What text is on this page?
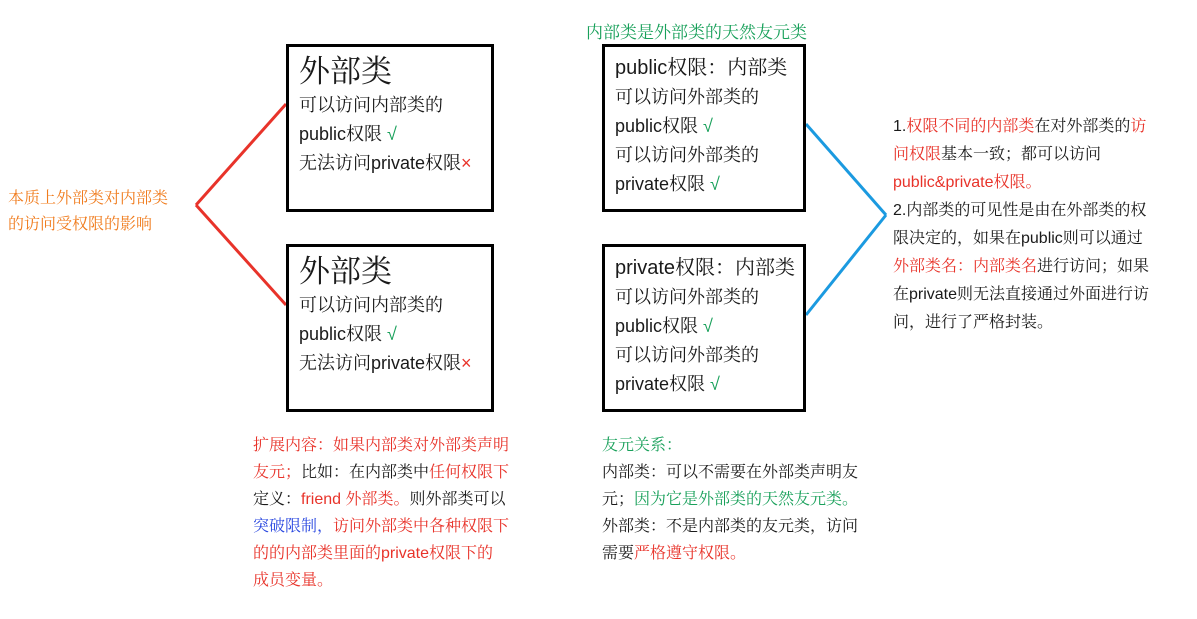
内部类是外部类的天然友元类
本质上外部类对内部类
的访问受权限的影响
外部类
可以访问内部类的
public权限 √
无法访问private权限×
外部类
可以访问内部类的
public权限 √
无法访问private权限×
public权限：内部类
可以访问外部类的
public权限 √
可以访问外部类的
private权限 √
private权限：内部类
可以访问外部类的
public权限 √
可以访问外部类的
private权限 √
扩展内容：如果内部类对外部类声明
友元；比如：在内部类中任何权限下
定义：friend 外部类。则外部类可以
突破限制，访问外部类中各种权限下
的的内部类里面的private权限下的
成员变量。
友元关系：
内部类：可以不需要在外部类声明友
元；因为它是外部类的天然友元类。
外部类：不是内部类的友元类，访问
需要严格遵守权限。
1.权限不同的内部类在对外部类的访
问权限基本一致；都可以访问
public&private权限。
2.内部类的可见性是由在外部类的权
限决定的，如果在public则可以通过
外部类名：内部类名进行访问；如果
在private则无法直接通过外面进行访
问，进行了严格封装。
